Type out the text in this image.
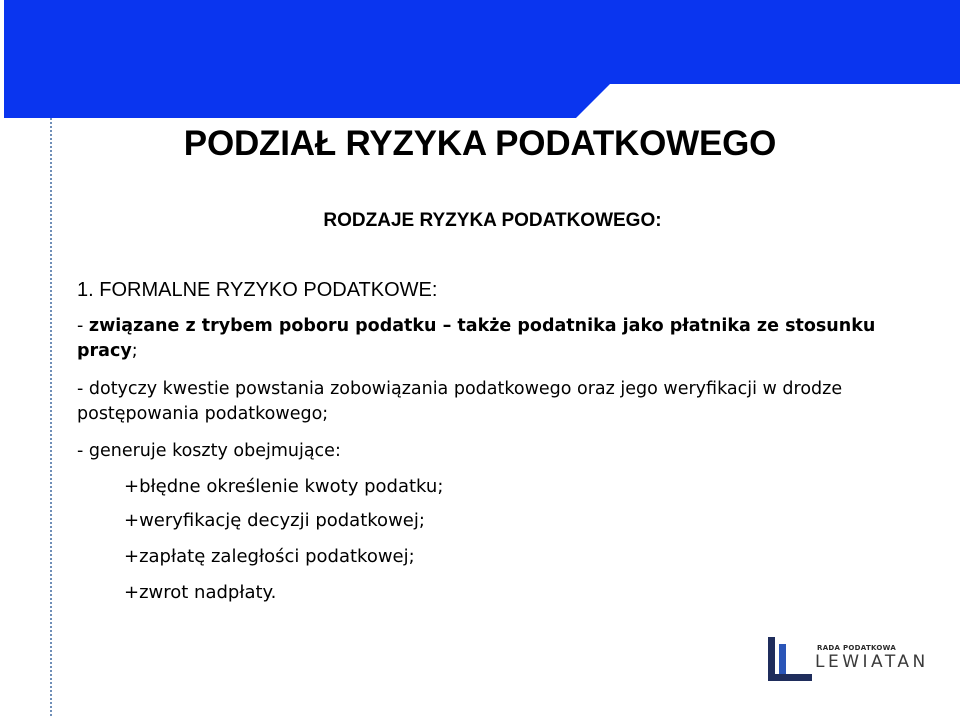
PODZIAŁ RYZYKA PODATKOWEGO
RODZAJE RYZYKA PODATKOWEGO:
1. FORMALNE RYZYKO PODATKOWE:
- związane z trybem poboru podatku – także podatnika jako płatnika ze stosunku pracy;
- dotyczy kwestie powstania zobowiązania podatkowego oraz jego weryfikacji w drodze postępowania podatkowego;
- generuje koszty obejmujące:
+błędne określenie kwoty podatku;
+weryfikację decyzji podatkowej;
+zapłatę zaległości podatkowej;
+zwrot nadpłaty.
RADA PODATKOWA
LEWIATAN
